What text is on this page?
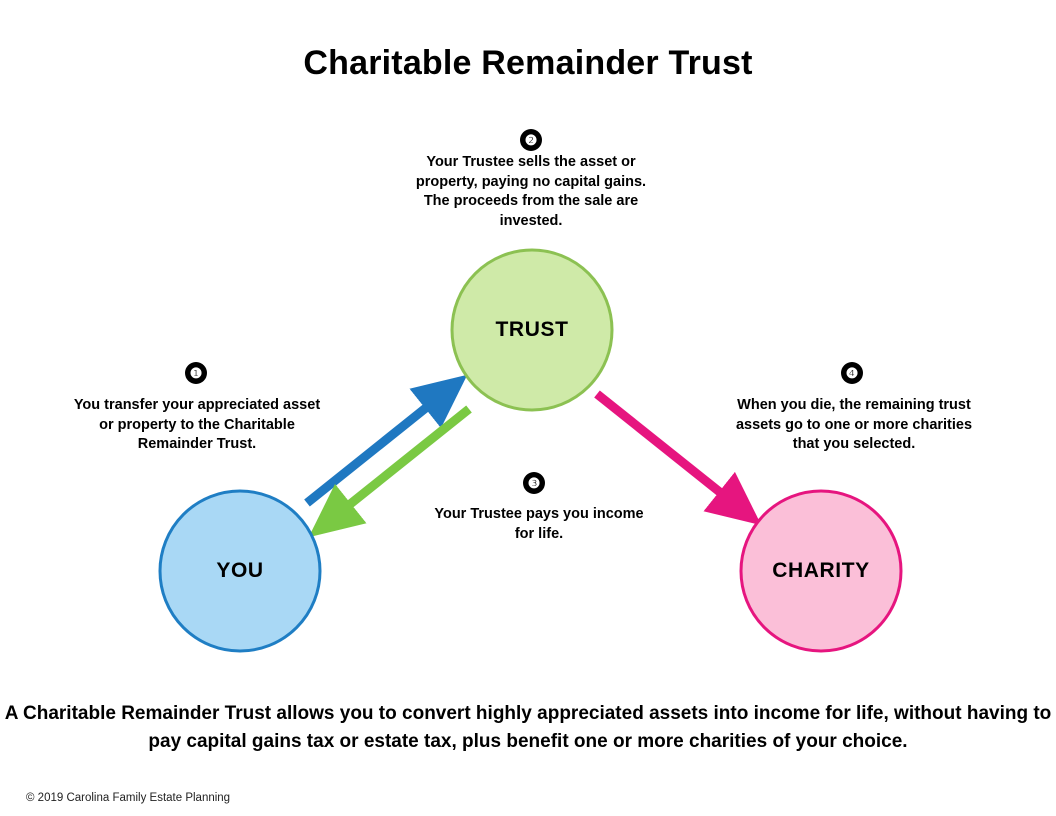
Charitable Remainder Trust
YOU
TRUST
CHARITY
❶
You transfer your appreciated asset or property to the Charitable Remainder Trust.
❷
Your Trustee sells the asset or property, paying no capital gains. The proceeds from the sale are invested.
❸
Your Trustee pays you income for life.
❹
When you die, the remaining trust assets go to one or more charities that you selected.
A Charitable Remainder Trust allows you to convert highly appreciated assets into income for life, without having to pay capital gains tax or estate tax, plus benefit one or more charities of your choice.
© 2019 Carolina Family Estate Planning
